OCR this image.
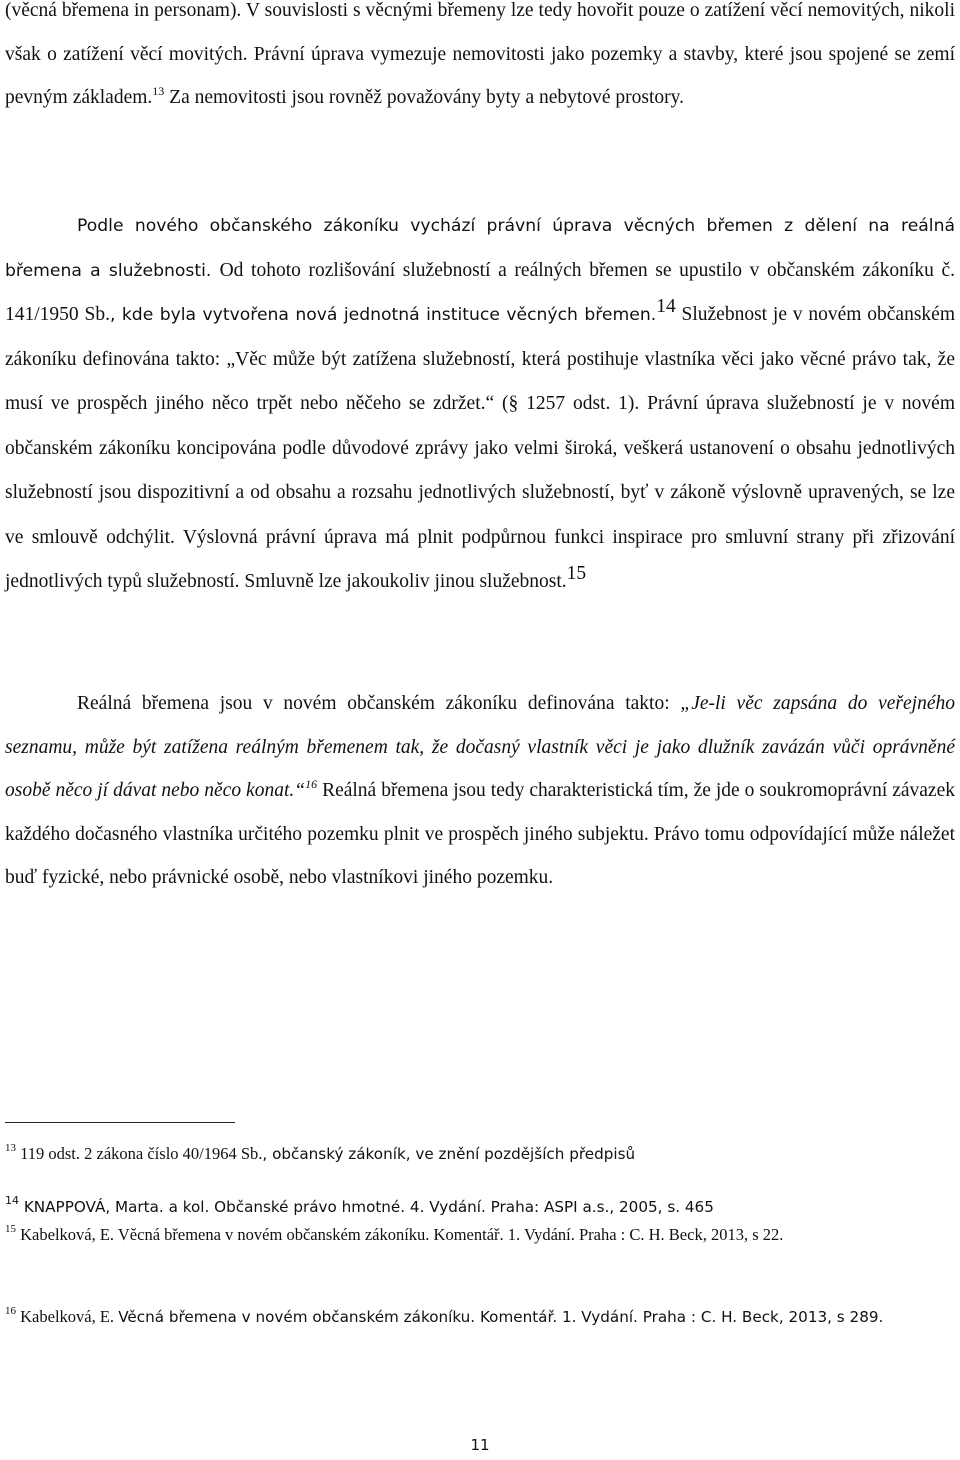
(věcná břemena in personam). V souvislosti s věcnými břemeny lze tedy hovořit pouze o zatížení věcí nemovitých, nikoli však o zatížení věcí movitých. Právní úprava vymezuje nemovitosti jako pozemky a stavby, které jsou spojené se zemí pevným základem.$^{13}$ Za nemovitosti jsou rovněž považovány byty a nebytové prostory.

Podle nového občanského zákoníku vychází právní úprava věcných břemen z dělení na reálná břemena a služebnosti. Od tohoto rozlišování služebností a reálných břemen se upustilo v občanském zákoníku č. 141/1950 Sb., kde byla vytvořena nová jednotná instituce věcných břemen.$^{14}$ Služebnost je v novém občanském zákoníku definována takto: „Věc může být zatížena služebností, která postihuje vlastníka věci jako věcné právo tak, že musí ve prospěch jiného něco trpět nebo něčeho se zdržet.“ (§ 1257 odst. 1). Právní úprava služebností je v novém občanském zákoníku koncipována podle důvodové zprávy jako velmi široká, veškerá ustanovení o obsahu jednotlivých služebností jsou dispozitivní a od obsahu a rozsahu jednotlivých služebností, byť v zákoně výslovně upravených, se lze ve smlouvě odchýlit. Výslovná právní úprava má plnit podpůrnou funkci inspirace pro smluvní strany při zřizování jednotlivých typů služebností. Smluvně lze jakoukoliv jinou služebnost.$^{15}$

Reálná břemena jsou v novém občanském zákoníku definována takto: „Je-li věc zapsána do veřejného seznamu, může být zatížena reálným břemenem tak, že dočasný vlastník věci je jako dlužník zavázán vůči oprávněné osobě něco jí dávat nebo něco konat.“$^{16}$ Reálná břemena jsou tedy charakteristická tím, že jde o soukromoprávní závazek každého dočasného vlastníka určitého pozemku plnit ve prospěch jiného subjektu. Právo tomu odpovídající může náležet buď fyzické, nebo právnické osobě, nebo vlastníkovi jiného pozemku.

$^{13}$ 119 odst. 2 zákona číslo 40/1964 Sb., občanský zákoník, ve znění pozdějších předpisů
$^{14}$ KNAPPOVÁ, Marta. a kol. Občanské právo hmotné. 4. Vydání. Praha: ASPI a.s., 2005, s. 465
$^{15}$ Kabelková, E. Věcná břemena v novém občanském zákoníku. Komentář. 1. Vydání. Praha : C. H. Beck, 2013, s 22.
$^{16}$ Kabelková, E. Věcná břemena v novém občanském zákoníku. Komentář. 1. Vydání. Praha : C. H. Beck, 2013, s 289.
11
